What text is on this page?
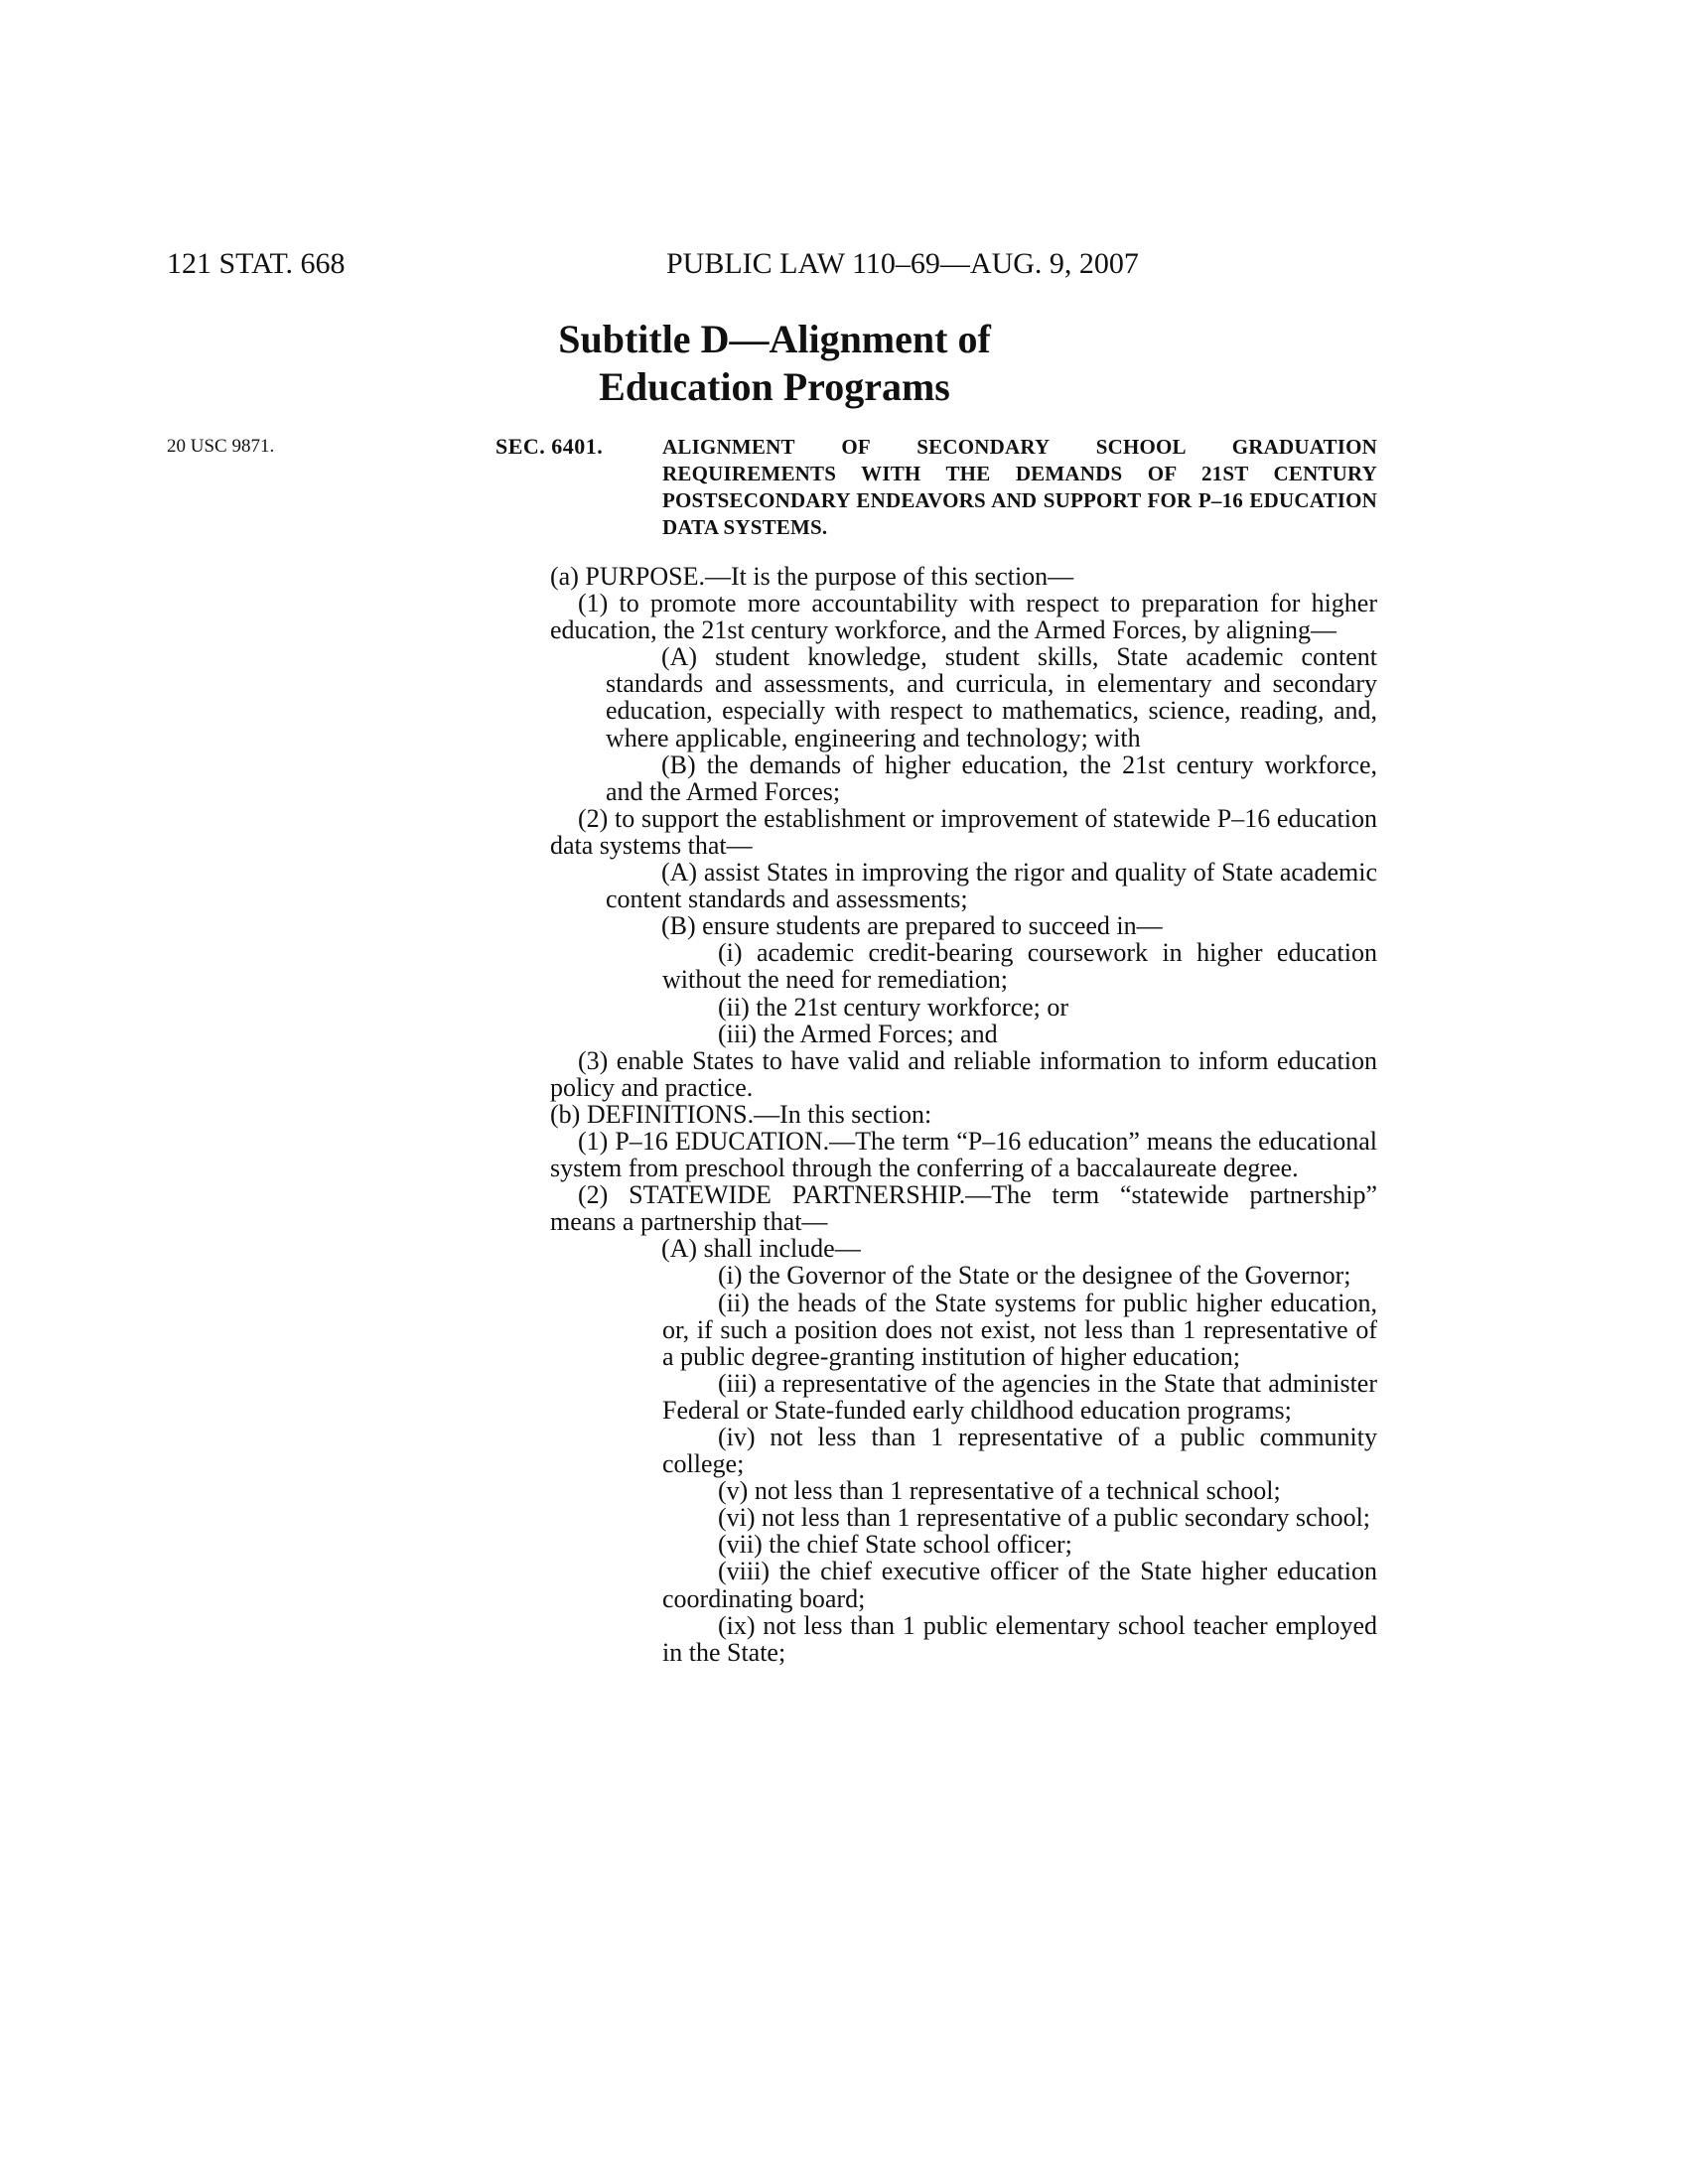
121 STAT. 668	PUBLIC LAW 110–69—AUG. 9, 2007
Subtitle D—Alignment of Education Programs
20 USC 9871.	SEC. 6401.	ALIGNMENT OF SECONDARY SCHOOL GRADUATION REQUIREMENTS WITH THE DEMANDS OF 21ST CENTURY POSTSECONDARY ENDEAVORS AND SUPPORT FOR P–16 EDUCATION DATA SYSTEMS.

(a) PURPOSE.—It is the purpose of this section—

(1) to promote more accountability with respect to preparation for higher education, the 21st century workforce, and the Armed Forces, by aligning—

(A) student knowledge, student skills, State academic content standards and assessments, and curricula, in elementary and secondary education, especially with respect to mathematics, science, reading, and, where applicable, engineering and technology; with

(B) the demands of higher education, the 21st century workforce, and the Armed Forces;

(2) to support the establishment or improvement of statewide P–16 education data systems that—

(A) assist States in improving the rigor and quality of State academic content standards and assessments;

(B) ensure students are prepared to succeed in—

(i) academic credit-bearing coursework in higher education without the need for remediation;

(ii) the 21st century workforce; or

(iii) the Armed Forces; and

(3) enable States to have valid and reliable information to inform education policy and practice.

(b) DEFINITIONS.—In this section:

(1) P–16 EDUCATION.—The term “P–16 education” means the educational system from preschool through the conferring of a baccalaureate degree.

(2) STATEWIDE PARTNERSHIP.—The term “statewide partnership” means a partnership that—

(A) shall include—

(i) the Governor of the State or the designee of the Governor;

(ii) the heads of the State systems for public higher education, or, if such a position does not exist, not less than 1 representative of a public degree-granting institution of higher education;

(iii) a representative of the agencies in the State that administer Federal or State-funded early childhood education programs;

(iv) not less than 1 representative of a public community college;

(v) not less than 1 representative of a technical school;

(vi) not less than 1 representative of a public secondary school;

(vii) the chief State school officer;

(viii) the chief executive officer of the State higher education coordinating board;

(ix) not less than 1 public elementary school teacher employed in the State;
